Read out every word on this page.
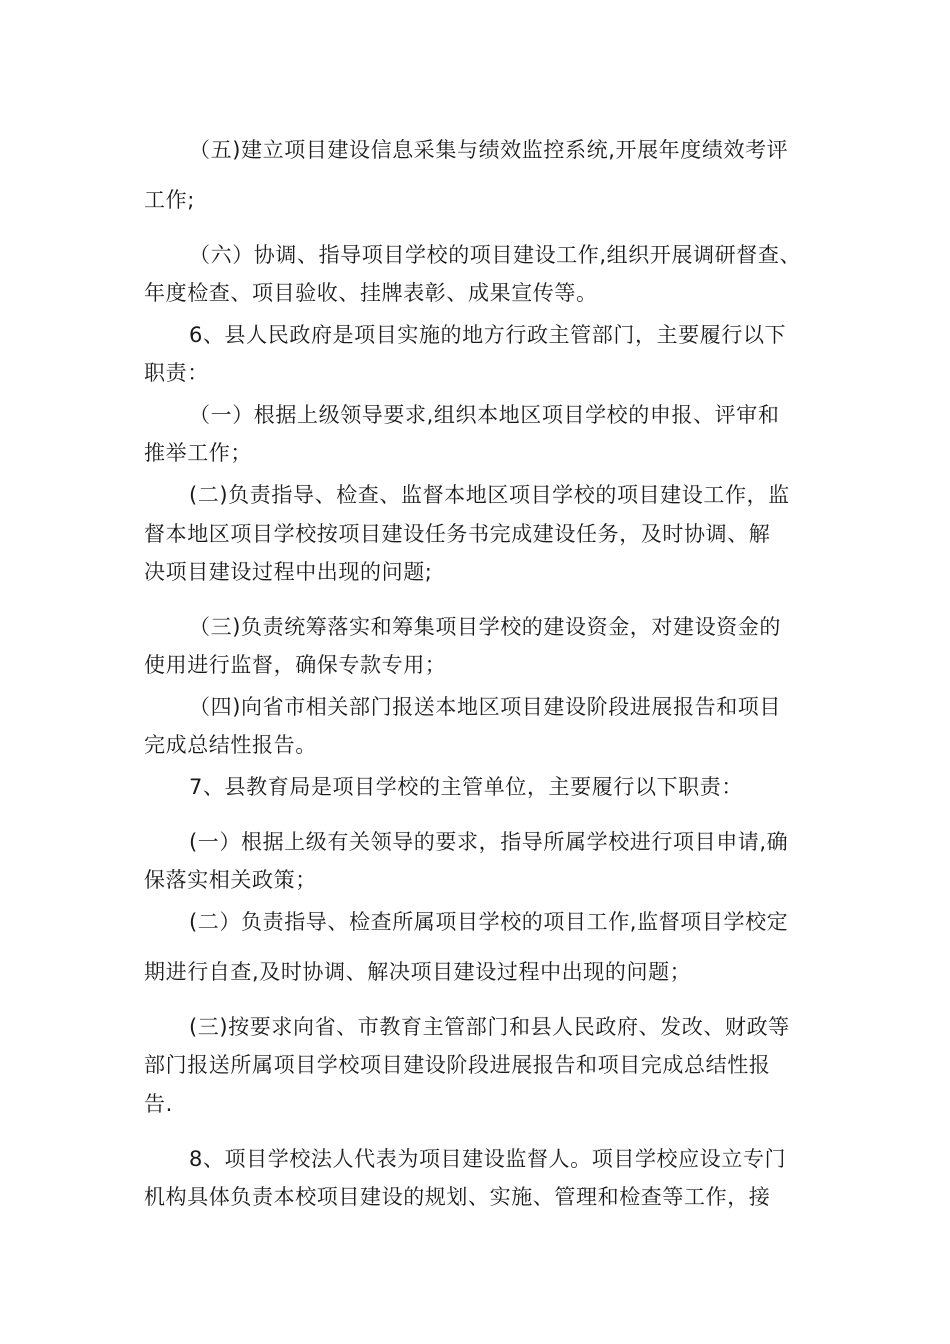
（五)建立项目建设信息采集与绩效监控系统,开展年度绩效考评
工作;
（六）协调、指导项目学校的项目建设工作,组织开展调研督查、
年度检查、项目验收、挂牌表彰、成果宣传等。
6、县人民政府是项目实施的地方行政主管部门，主要履行以下
职责：
（一）根据上级领导要求,组织本地区项目学校的申报、评审和
推举工作；
(二)负责指导、检查、监督本地区项目学校的项目建设工作，监
督本地区项目学校按项目建设任务书完成建设任务，及时协调、解
决项目建设过程中出现的问题;
（三)负责统筹落实和筹集项目学校的建设资金，对建设资金的
使用进行监督，确保专款专用；
（四)向省市相关部门报送本地区项目建设阶段进展报告和项目
完成总结性报告。
7、县教育局是项目学校的主管单位，主要履行以下职责：
(一）根据上级有关领导的要求，指导所属学校进行项目申请,确
保落实相关政策；
(二）负责指导、检查所属项目学校的项目工作,监督项目学校定
期进行自查,及时协调、解决项目建设过程中出现的问题；
(三)按要求向省、市教育主管部门和县人民政府、发改、财政等
部门报送所属项目学校项目建设阶段进展报告和项目完成总结性报
告.
8、项目学校法人代表为项目建设监督人。项目学校应设立专门
机构具体负责本校项目建设的规划、实施、管理和检查等工作，接
